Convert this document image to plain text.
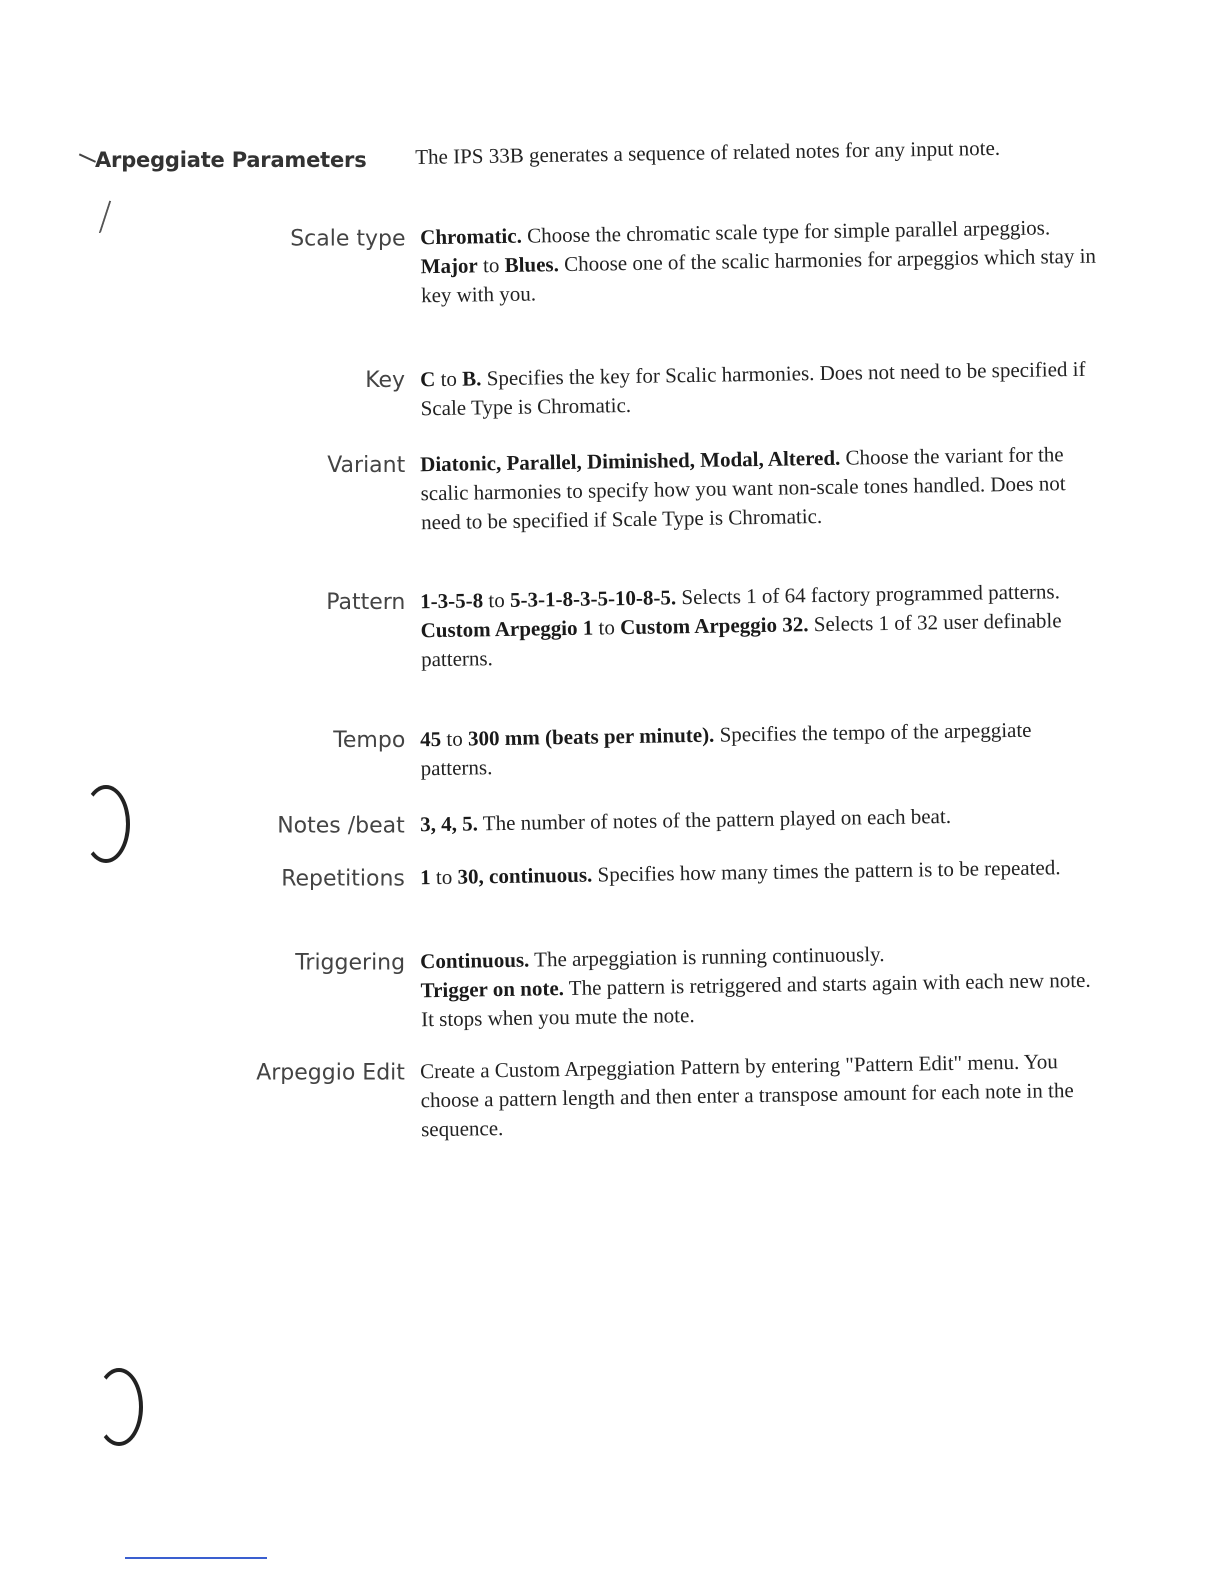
Arpeggiate Parameters The IPS 33B generates a sequence of related notes for any input note.
Scale type Chromatic. Choose the chromatic scale type for simple parallel arpeggios.
Major to Blues. Choose one of the scalic harmonies for arpeggios which stay in key with you.
Key C to B. Specifies the key for Scalic harmonies. Does not need to be specified if Scale Type is Chromatic.
Variant Diatonic, Parallel, Diminished, Modal, Altered. Choose the variant for the scalic harmonies to specify how you want non-scale tones handled. Does not need to be specified if Scale Type is Chromatic.
Pattern 1-3-5-8 to 5-3-1-8-3-5-10-8-5. Selects 1 of 64 factory programmed patterns.
Custom Arpeggio 1 to Custom Arpeggio 32. Selects 1 of 32 user definable patterns.
Tempo 45 to 300 mm (beats per minute). Specifies the tempo of the arpeggiate patterns.
Notes /beat 3, 4, 5. The number of notes of the pattern played on each beat.
Repetitions 1 to 30, continuous. Specifies how many times the pattern is to be repeated.
Triggering Continuous. The arpeggiation is running continuously.
Trigger on note. The pattern is retriggered and starts again with each new note. It stops when you mute the note.
Arpeggio Edit Create a Custom Arpeggiation Pattern by entering "Pattern Edit" menu. You choose a pattern length and then enter a transpose amount for each note in the sequence.
